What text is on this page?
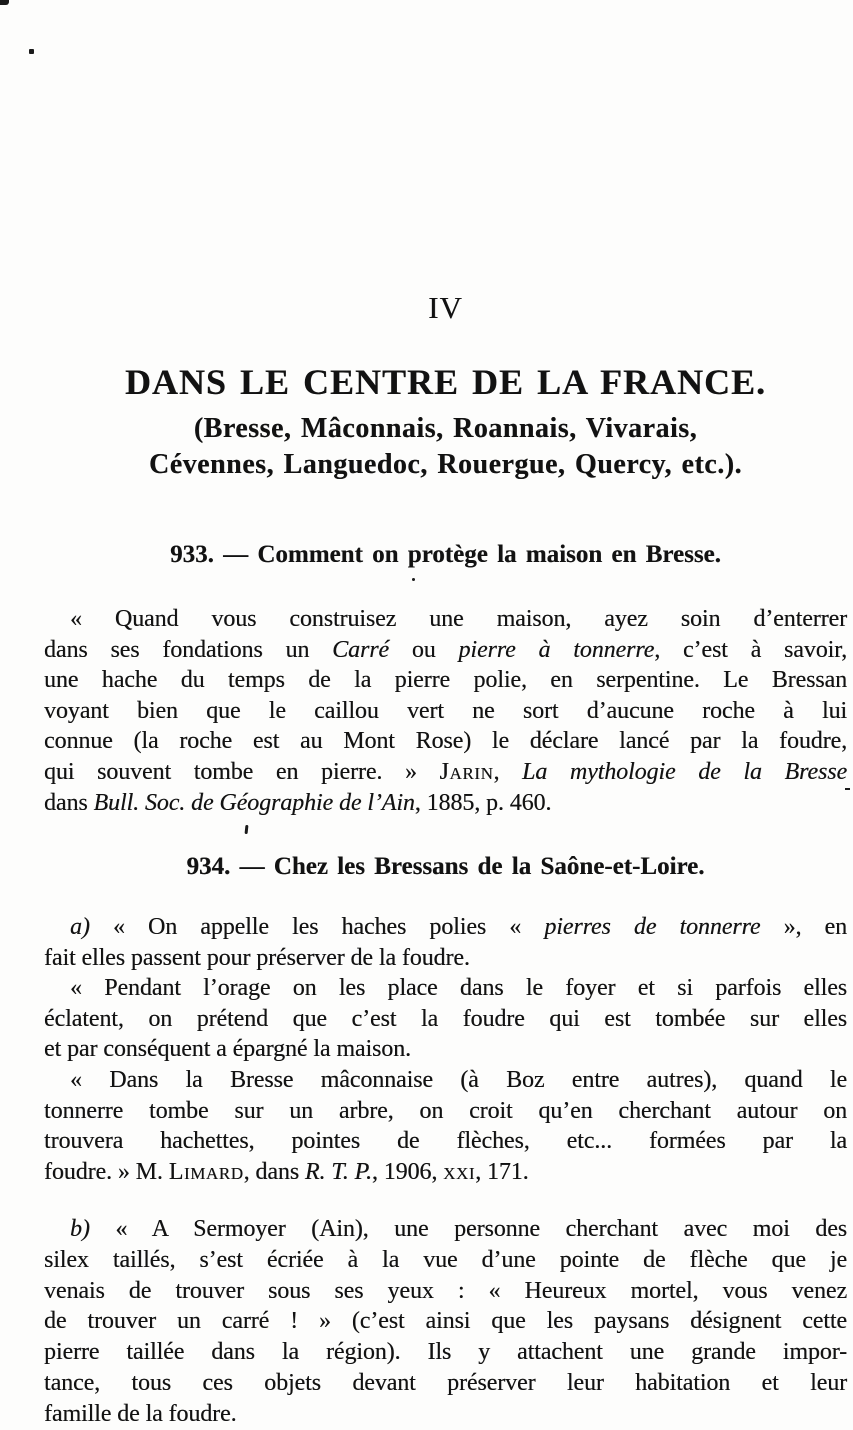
IV
DANS LE CENTRE DE LA FRANCE.
(Bresse, Mâconnais, Roannais, Vivarais,
Cévennes, Languedoc, Rouergue, Quercy, etc.).
933. — Comment on protège la maison en Bresse.
« Quand vous construisez une maison, ayez soin d’enterrer
dans ses fondations un Carré ou pierre à tonnerre, c’est à savoir,
une hache du temps de la pierre polie, en serpentine. Le Bressan
voyant bien que le caillou vert ne sort d’aucune roche à lui
connue (la roche est au Mont Rose) le déclare lancé par la foudre,
qui souvent tombe en pierre. » Jarin, La mythologie de la Bresse
dans Bull. Soc. de Géographie de l’Ain, 1885, p. 460.
934. — Chez les Bressans de la Saône-et-Loire.
a) « On appelle les haches polies « pierres de tonnerre », en
fait elles passent pour préserver de la foudre.
« Pendant l’orage on les place dans le foyer et si parfois elles
éclatent, on prétend que c’est la foudre qui est tombée sur elles
et par conséquent a épargné la maison.
« Dans la Bresse mâconnaise (à Boz entre autres), quand le
tonnerre tombe sur un arbre, on croit qu’en cherchant autour on
trouvera hachettes, pointes de flèches, etc... formées par la
foudre. » M. Limard, dans R. T. P., 1906, xxi, 171.
b) « A Sermoyer (Ain), une personne cherchant avec moi des
silex taillés, s’est écriée à la vue d’une pointe de flèche que je
venais de trouver sous ses yeux : « Heureux mortel, vous venez
de trouver un carré ! » (c’est ainsi que les paysans désignent cette
pierre taillée dans la région). Ils y attachent une grande impor-
tance, tous ces objets devant préserver leur habitation et leur
famille de la foudre.
